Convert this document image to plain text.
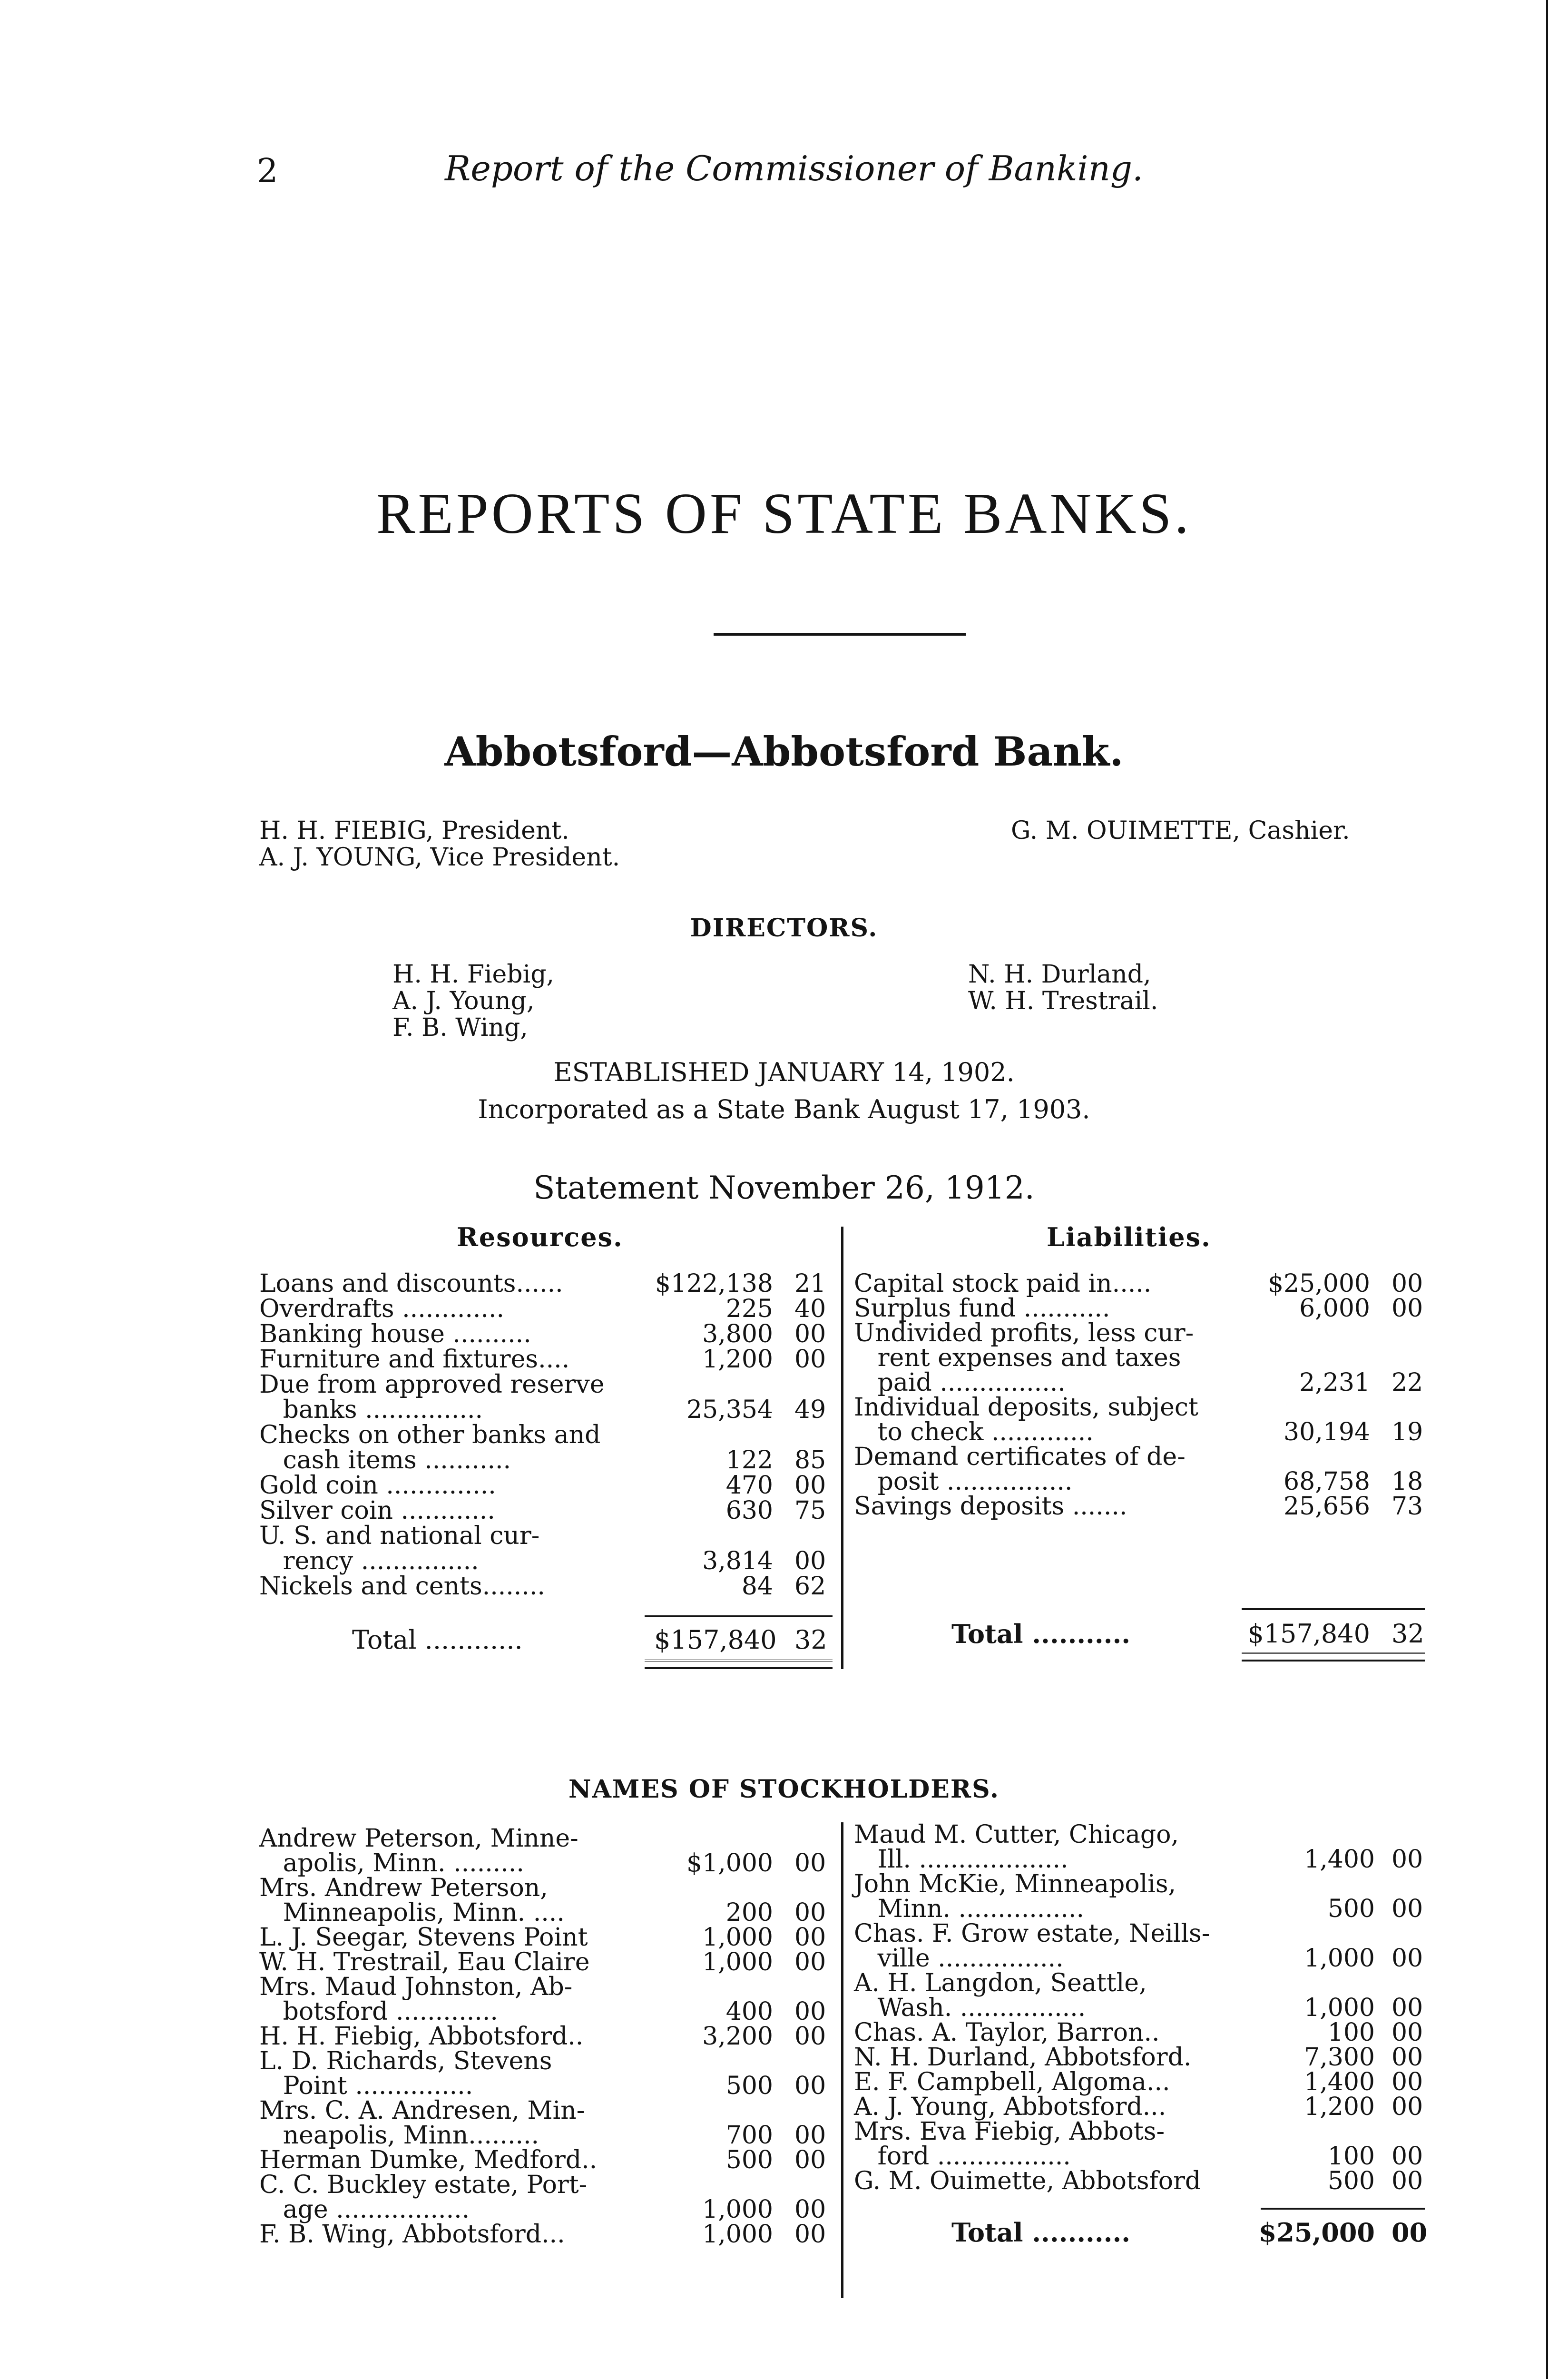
2	Report of the Commissioner of Banking.
REPORTS OF STATE BANKS.
Abbotsford—Abbotsford Bank.
H. H. FIEBIG, President.
A. J. YOUNG, Vice President.
G. M. OUIMETTE, Cashier.
DIRECTORS.
H. H. Fiebig,
A. J. Young,
F. B. Wing,
N. H. Durland,
W. H. Trestrail.
ESTABLISHED JANUARY 14, 1902.
Incorporated as a State Bank August 17, 1903.
Statement November 26, 1912.
Resources.	Liabilities.
Loans and discounts......	$122,138 21
Overdrafts .............	225 40
Banking house ..........	3,800 00
Furniture and fixtures....	1,200 00
Due from approved reserve
banks ...............	25,354 49
Checks on other banks and
cash items ...........	122 85
Gold coin ..............	470 00
Silver coin ............	630 75
U. S. and national cur-
rency ...............	3,814 00
Nickels and cents........	84 62
Capital stock paid in.....	$25,000 00
Surplus fund ...........	6,000 00
Undivided profits, less cur-
rent expenses and taxes
paid ................	2,231 22
Individual deposits, subject
to check .............	30,194 19
Demand certificates of de-
posit ................	68,758 18
Savings deposits .......	25,656 73
Total ............	$157,840 32	Total ...........	$157,840 32
NAMES OF STOCKHOLDERS.
Andrew Peterson, Minne-
apolis, Minn. .........	$1,000 00
Mrs. Andrew Peterson,
Minneapolis, Minn. ....	200 00
L. J. Seegar, Stevens Point	1,000 00
W. H. Trestrail, Eau Claire	1,000 00
Mrs. Maud Johnston, Ab-
botsford .............	400 00
H. H. Fiebig, Abbotsford..	3,200 00
L. D. Richards, Stevens
Point ...............	500 00
Mrs. C. A. Andresen, Min-
neapolis, Minn.........	700 00
Herman Dumke, Medford..	500 00
C. C. Buckley estate, Port-
age .................	1,000 00
F. B. Wing, Abbotsford...	1,000 00
Maud M. Cutter, Chicago,
Ill. ...................	1,400 00
John McKie, Minneapolis,
Minn. ................	500 00
Chas. F. Grow estate, Neills-
ville ................	1,000 00
A. H. Langdon, Seattle,
Wash. ................	1,000 00
Chas. A. Taylor, Barron..	100 00
N. H. Durland, Abbotsford.	7,300 00
E. F. Campbell, Algoma...	1,400 00
A. J. Young, Abbotsford...	1,200 00
Mrs. Eva Fiebig, Abbots-
ford .................	100 00
G. M. Ouimette, Abbotsford	500 00
Total ...........	$25,000 00
